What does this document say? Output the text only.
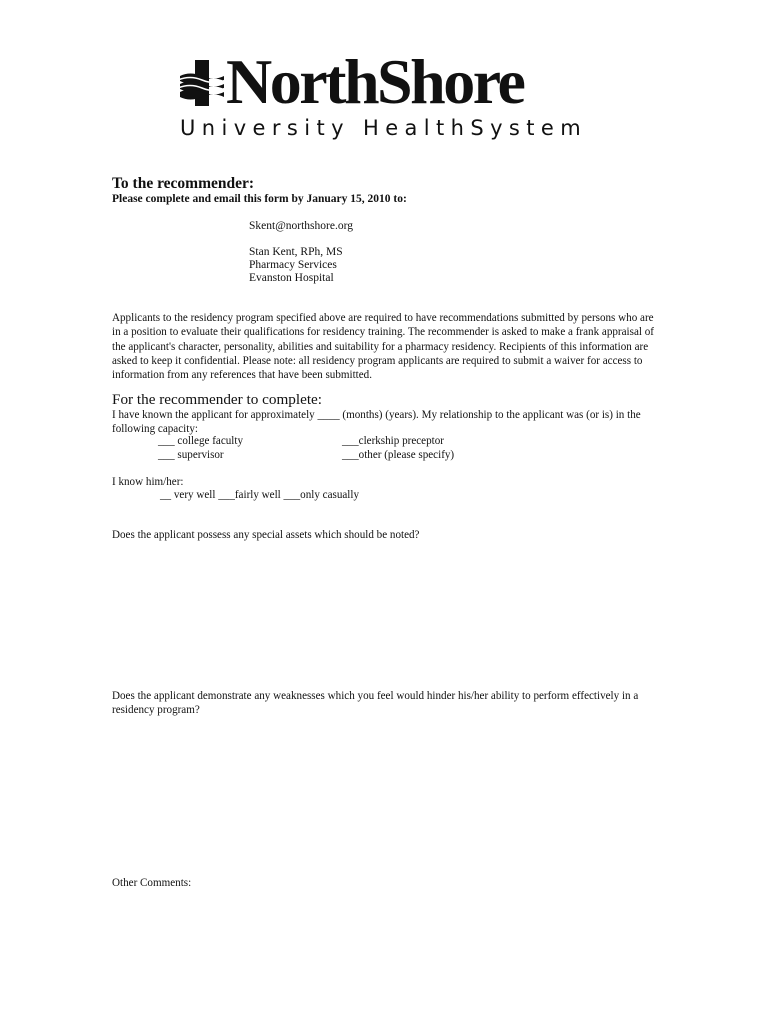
NorthShore
University HealthSystem
To the recommender:
Please complete and email this form by January 15, 2010 to:
Skent@northshore.org
Stan Kent, RPh, MS
Pharmacy Services
Evanston Hospital
Applicants to the residency program specified above are required to have recommendations submitted by persons who are in a position to evaluate their qualifications for residency training. The recommender is asked to make a frank appraisal of the applicant's character, personality, abilities and suitability for a pharmacy residency. Recipients of this information are asked to keep it confidential. Please note: all residency program applicants are required to submit a waiver for access to information from any references that have been submitted.
For the recommender to complete:
I have known the applicant for approximately ____ (months) (years). My relationship to the applicant was (or is) in the following capacity:
___ college faculty	___clerkship preceptor
___ supervisor	___other (please specify)
I know him/her:
__ very well ___fairly well ___only casually
Does the applicant possess any special assets which should be noted?
Does the applicant demonstrate any weaknesses which you feel would hinder his/her ability to perform effectively in a residency program?
Other Comments:
